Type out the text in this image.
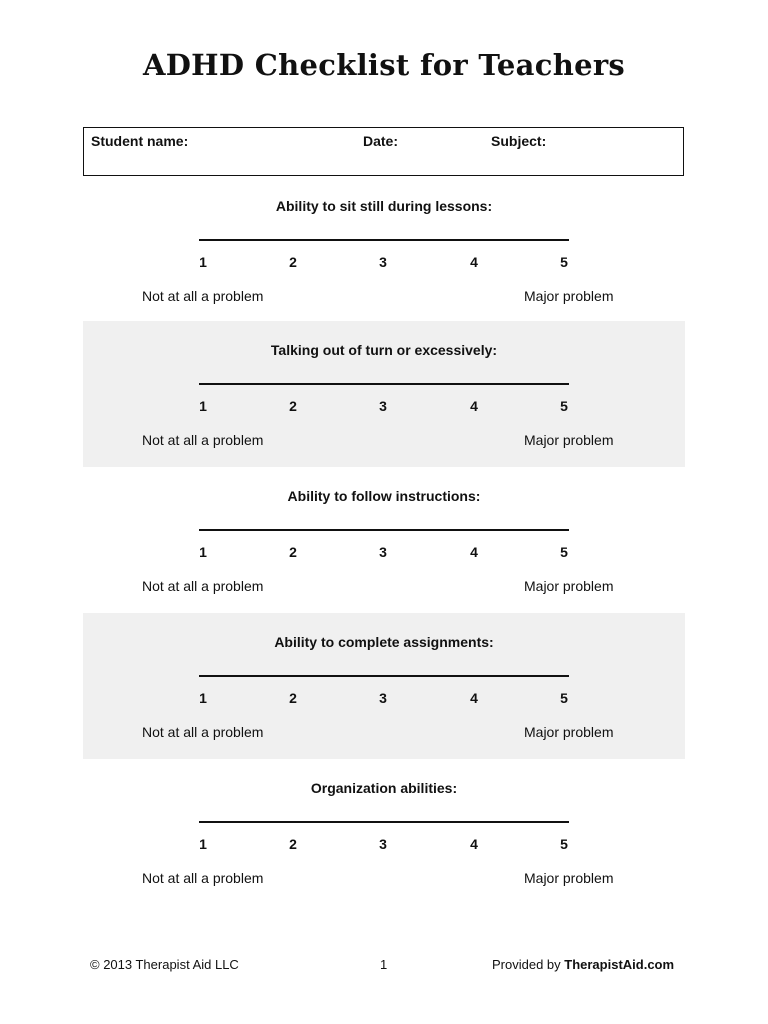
ADHD Checklist for Teachers
Student name:	Date:	Subject:
Ability to sit still during lessons:
1	2	3	4	5
Not at all a problem	Major problem
Talking out of turn or excessively:
1	2	3	4	5
Not at all a problem	Major problem
Ability to follow instructions:
1	2	3	4	5
Not at all a problem	Major problem
Ability to complete assignments:
1	2	3	4	5
Not at all a problem	Major problem
Organization abilities:
1	2	3	4	5
Not at all a problem	Major problem
© 2013 Therapist Aid LLC	1	Provided by TherapistAid.com
